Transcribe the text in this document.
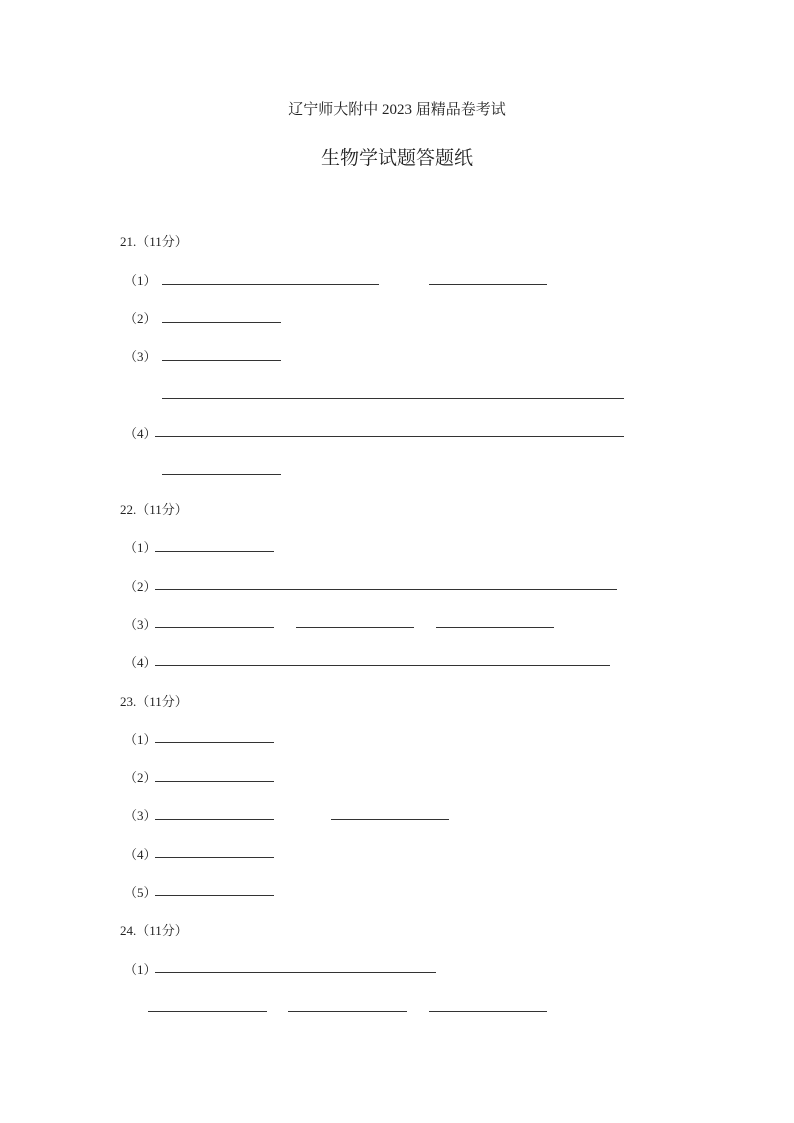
辽宁师大附中 2023 届精品卷考试
生物学试题答题纸
21.（11分）
（1）
（2）
（3）
（4）
22.（11分）
（1）
（2）
（3）
（4）
23.（11分）
（1）
（2）
（3）
（4）
（5）
24.（11分）
（1）
